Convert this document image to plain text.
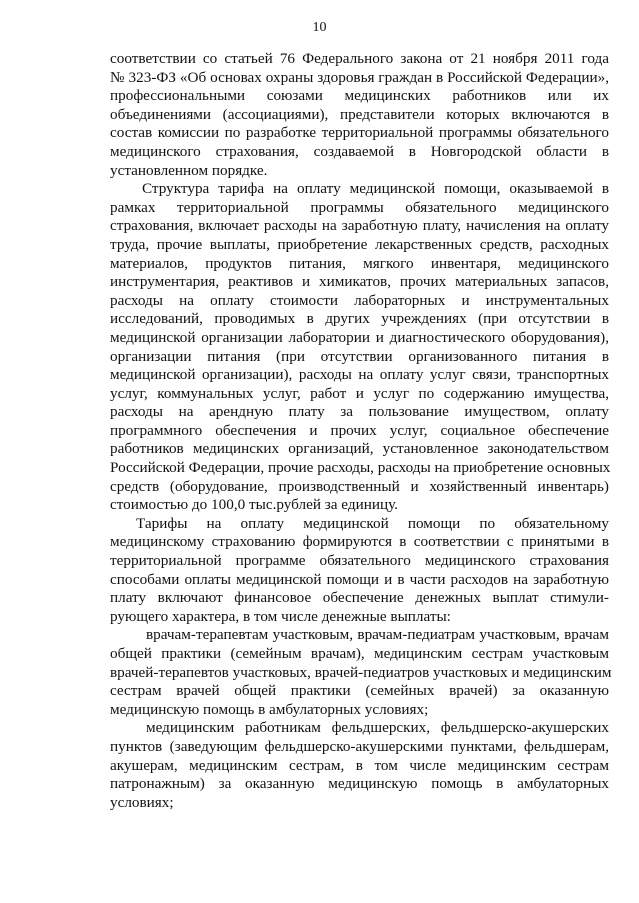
10
соответствии со статьей 76 Федерального закона от 21 ноября 2011 года
№ 323-ФЗ «Об основах охраны здоровья граждан в Российской Федерации»,
профессиональными союзами медицинских работников или их
объединениями (ассоциациями), представители которых включаются в
состав комиссии по разработке территориальной программы обязательного
медицинского страхования, создаваемой в Новгородской области в
установленном порядке.
Структура тарифа на оплату медицинской помощи, оказываемой в
рамках территориальной программы обязательного медицинского
страхования, включает расходы на заработную плату, начисления на оплату
труда, прочие выплаты, приобретение лекарственных средств, расходных
материалов, продуктов питания, мягкого инвентаря, медицинского
инструментария, реактивов и химикатов, прочих материальных запасов,
расходы на оплату стоимости лабораторных и инструментальных
исследований, проводимых в других учреждениях (при отсутствии в
медицинской организации лаборатории и диагностического оборудования),
организации питания (при отсутствии организованного питания в
медицинской организации), расходы на оплату услуг связи, транспортных
услуг, коммунальных услуг, работ и услуг по содержанию имущества,
расходы на арендную плату за пользование имуществом, оплату
программного обеспечения и прочих услуг, социальное обеспечение
работников медицинских организаций, установленное законодательством
Российской Федерации, прочие расходы, расходы на приобретение основных
средств (оборудование, производственный и хозяйственный инвентарь)
стоимостью до 100,0 тыс.рублей за единицу.
Тарифы на оплату медицинской помощи по обязательному
медицинскому страхованию формируются в соответствии с принятыми в
территориальной программе обязательного медицинского страхования
способами оплаты медицинской помощи и в части расходов на заработную
плату включают финансовое обеспечение денежных выплат стимули-
рующего характера, в том числе денежные выплаты:
врачам-терапевтам участковым, врачам-педиатрам участковым, врачам
общей практики (семейным врачам), медицинским сестрам участковым
врачей-терапевтов участковых, врачей-педиатров участковых и медицинским
сестрам врачей общей практики (семейных врачей) за оказанную
медицинскую помощь в амбулаторных условиях;
медицинским работникам фельдшерских, фельдшерско-акушерских
пунктов (заведующим фельдшерско-акушерскими пунктами, фельдшерам,
акушерам, медицинским сестрам, в том числе медицинским сестрам
патронажным) за оказанную медицинскую помощь в амбулаторных
условиях;
